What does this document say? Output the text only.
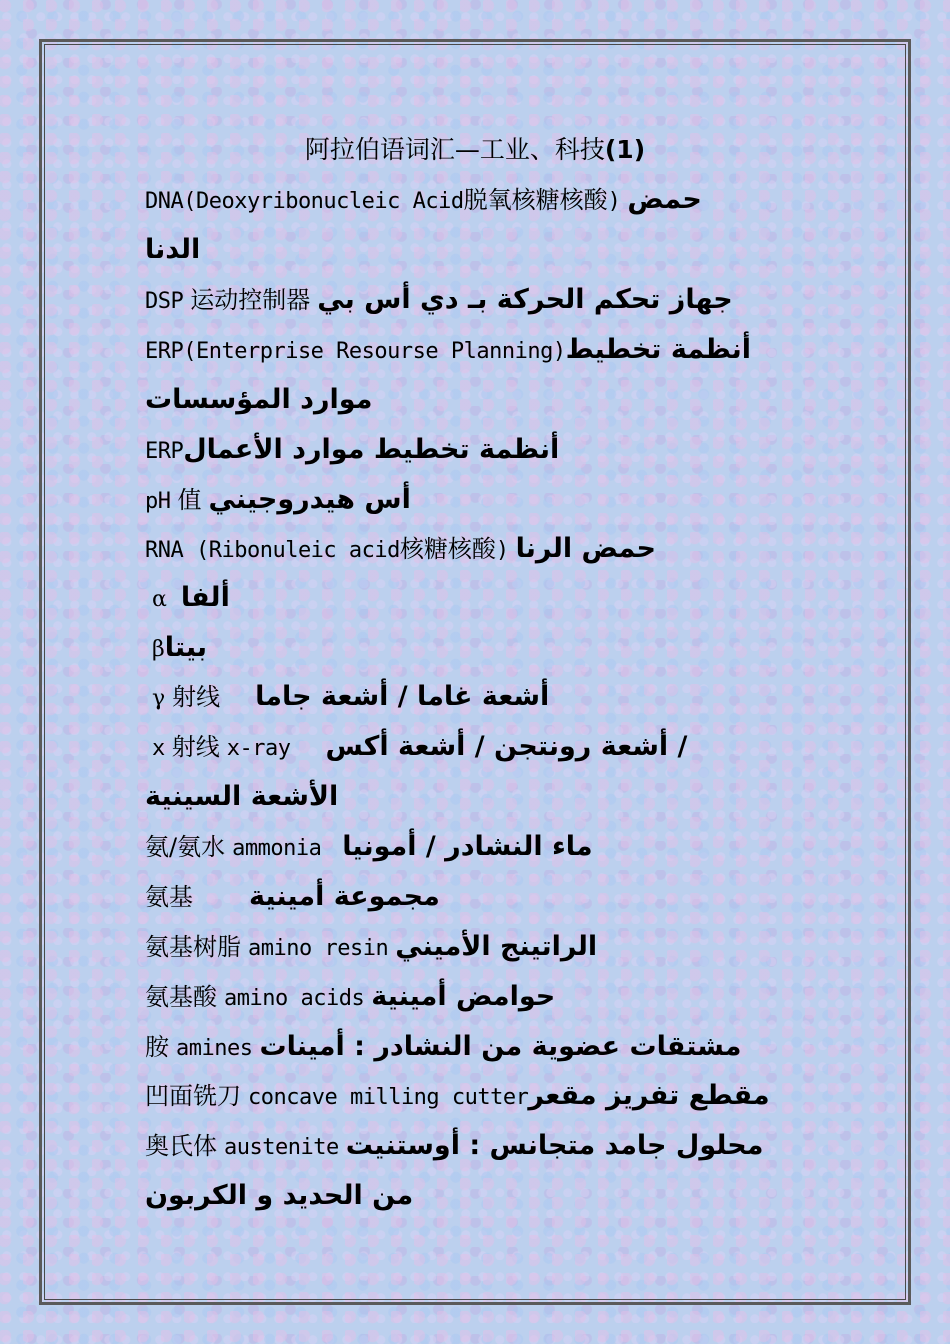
阿拉伯语词汇—工业、科技(1)
DNA(Deoxyribonucleic Acid脱氧核糖核酸) حمض
الدنا
DSP 运动控制器 جهاز تحكم الحركة بـ دي أس بي
ERP(Enterprise Resourse Planning)أنظمة تخطيط
موارد المؤسسات
ERPأنظمة تخطيط موارد الأعمال
pH 值 أس هيدروجيني
RNA (Ribonuleic acid核糖核酸) حمض الرنا
α ألفا
βبيتا
γ 射线 أشعة غاما / أشعة جاما
x 射线 x-ray / أشعة رونتجن / أشعة أكس
الأشعة السينية
氨/氨水 ammonia ماء النشادر / أمونيا
氨基 مجموعة أمينية
氨基树脂 amino resin الراتينج الأميني
氨基酸 amino acids حوامض أمينية
胺 amines مشتقات عضوية من النشادر : أمينات
凹面铣刀 concave milling cutterمقطع تفريز مقعر
奥氏体 austenite محلول جامد متجانس : أوستنيت
من الحديد و الكربون
